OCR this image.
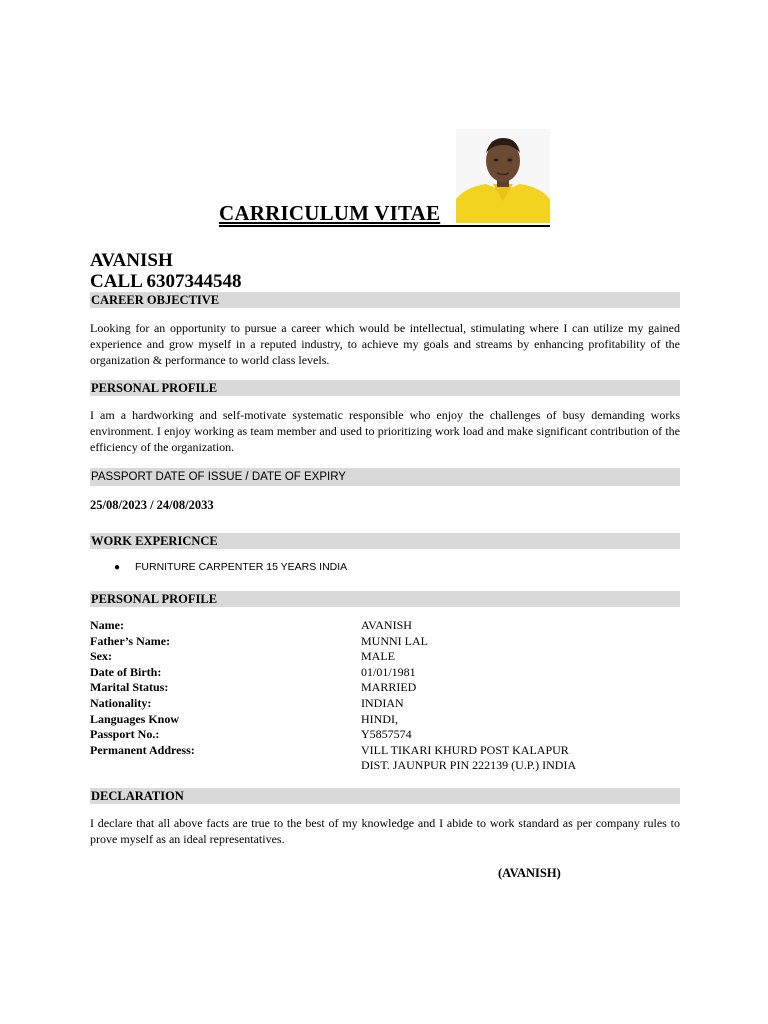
CARRICULUM VITAE
AVANISH
CALL 6307344548
CAREER OBJECTIVE
Looking for an opportunity to pursue a career which would be intellectual, stimulating where I can utilize my gained experience and grow myself in a reputed industry, to achieve my goals and streams by enhancing profitability of the organization & performance to world class levels.
PERSONAL PROFILE
I am a hardworking and self-motivate systematic responsible who enjoy the challenges of busy demanding works environment. I enjoy working as team member and used to prioritizing work load and make significant contribution of the efficiency of the organization.
PASSPORT DATE OF ISSUE / DATE OF EXPIRY
25/08/2023 / 24/08/2033
WORK EXPERICNCE
● FURNITURE CARPENTER 15 YEARS INDIA
PERSONAL PROFILE
Name:	AVANISH
Father’s Name:	MUNNI LAL
Sex:	MALE
Date of Birth:	01/01/1981
Marital Status:	MARRIED
Nationality:	INDIAN
Languages Know	HINDI,
Passport No.:	Y5857574
Permanent Address:	VILL TIKARI KHURD POST KALAPUR
DIST. JAUNPUR PIN 222139 (U.P.) INDIA
DECLARATION
I declare that all above facts are true to the best of my knowledge and I abide to work standard as per company rules to prove myself as an ideal representatives.
(AVANISH)
